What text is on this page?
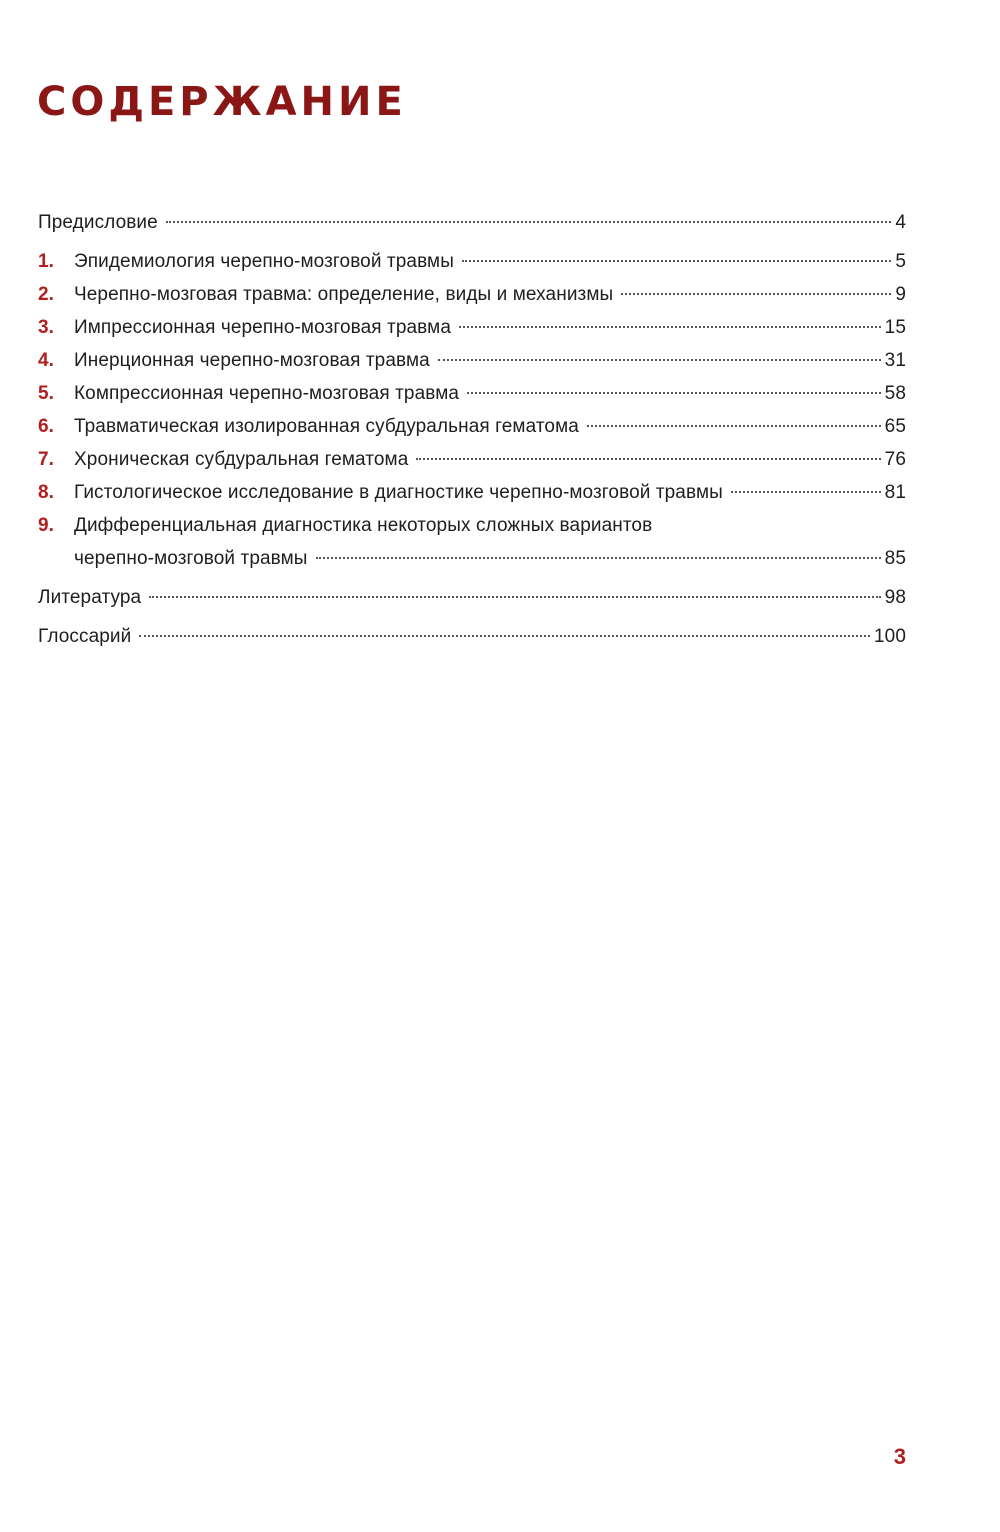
СОДЕРЖАНИЕ
Предисловие	4
1.	Эпидемиология черепно-мозговой травмы	5
2.	Черепно-мозговая травма: определение, виды и механизмы	9
3.	Импрессионная черепно-мозговая травма	15
4.	Инерционная черепно-мозговая травма	31
5.	Компрессионная черепно-мозговая травма	58
6.	Травматическая изолированная субдуральная гематома	65
7.	Хроническая субдуральная гематома	76
8.	Гистологическое исследование в диагностике черепно-мозговой травмы	81
9.	Дифференциальная диагностика некоторых сложных вариантов
черепно-мозговой травмы	85
Литература	98
Глоссарий	100
3
